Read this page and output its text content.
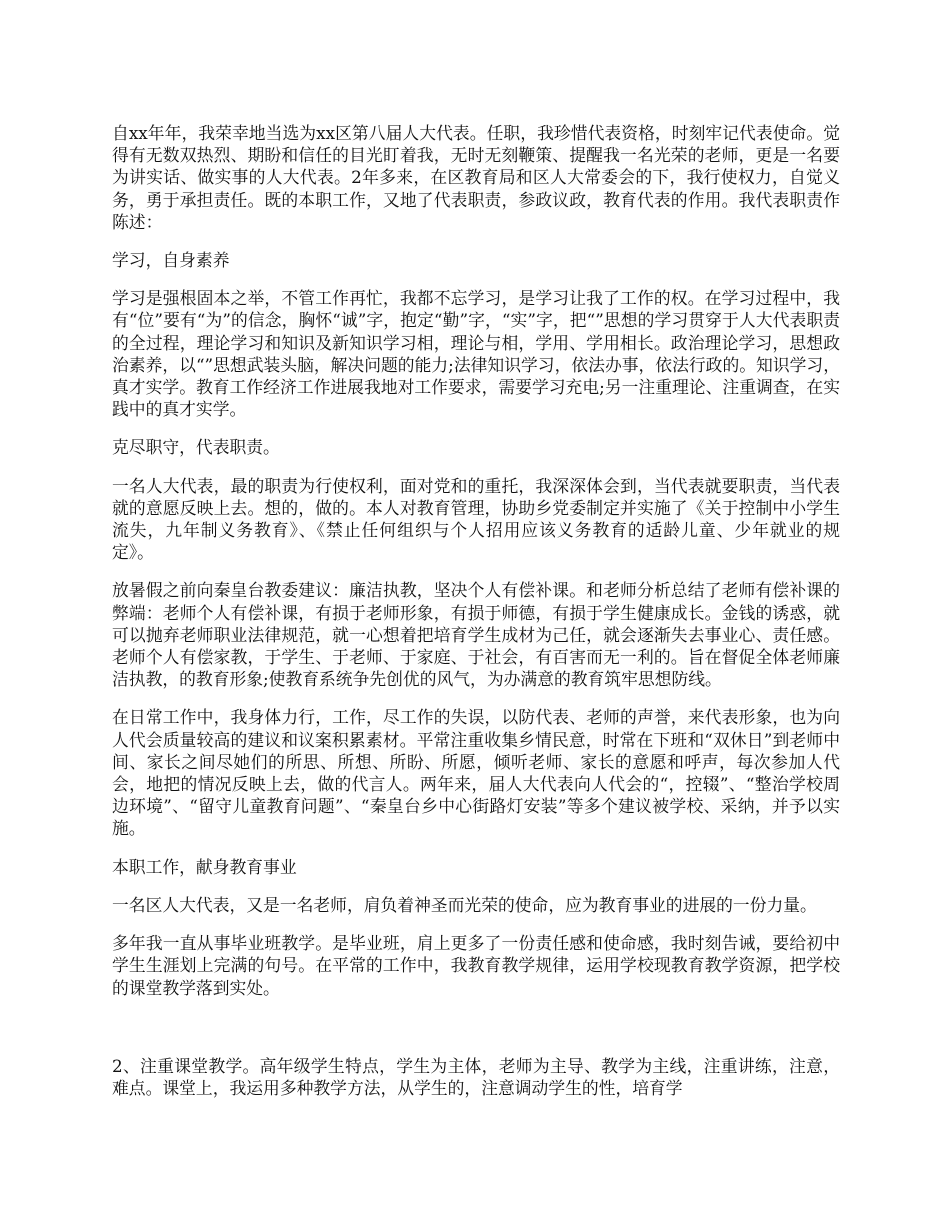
自xx年年，我荣幸地当选为xx区第八届人大代表。任职，我珍惜代表资格，时刻牢记代表使命。觉得有无数双热烈、期盼和信任的目光盯着我，无时无刻鞭策、提醒我一名光荣的老师，更是一名要为讲实话、做实事的人大代表。2年多来，在区教育局和区人大常委会的下，我行使权力，自觉义务，勇于承担责任。既的本职工作，又地了代表职责，参政议政，教育代表的作用。我代表职责作陈述：

学习，自身素养

学习是强根固本之举，不管工作再忙，我都不忘学习，是学习让我了工作的权。在学习过程中，我有“位”要有“为”的信念，胸怀“诚”字，抱定“勤”字，“实”字，把“”思想的学习贯穿于人大代表职责的全过程，理论学习和知识及新知识学习相，理论与相，学用、学用相长。政治理论学习，思想政治素养，以“”思想武装头脑，解决问题的能力;法律知识学习，依法办事，依法行政的。知识学习，真才实学。教育工作经济工作进展我地对工作要求，需要学习充电;另一注重理论、注重调查，在实践中的真才实学。

克尽职守，代表职责。

一名人大代表，最的职责为行使权利，面对党和的重托，我深深体会到，当代表就要职责，当代表就的意愿反映上去。想的，做的。本人对教育管理，协助乡党委制定并实施了《关于控制中小学生流失，九年制义务教育》、《禁止任何组织与个人招用应该义务教育的适龄儿童、少年就业的规定》。

放暑假之前向秦皇台教委建议：廉洁执教，坚决个人有偿补课。和老师分析总结了老师有偿补课的弊端：老师个人有偿补课，有损于老师形象，有损于师德，有损于学生健康成长。金钱的诱惑，就可以抛弃老师职业法律规范，就一心想着把培育学生成材为己任，就会逐渐失去事业心、责任感。老师个人有偿家教，于学生、于老师、于家庭、于社会，有百害而无一利的。旨在督促全体老师廉洁执教，的教育形象;使教育系统争先创优的风气，为办满意的教育筑牢思想防线。

在日常工作中，我身体力行，工作，尽工作的失误，以防代表、老师的声誉，来代表形象，也为向人代会质量较高的建议和议案积累素材。平常注重收集乡情民意，时常在下班和“双休日”到老师中间、家长之间尽她们的所思、所想、所盼、所愿，倾听老师、家长的意愿和呼声，每次参加人代会，地把的情况反映上去，做的代言人。两年来，届人大代表向人代会的“，控辍”、“整治学校周边环境”、“留守儿童教育问题”、“秦皇台乡中心街路灯安装”等多个建议被学校、采纳，并予以实施。

本职工作，献身教育事业

一名区人大代表，又是一名老师，肩负着神圣而光荣的使命，应为教育事业的进展的一份力量。

多年我一直从事毕业班教学。是毕业班，肩上更多了一份责任感和使命感，我时刻告诫，要给初中学生生涯划上完满的句号。在平常的工作中，我教育教学规律，运用学校现教育教学资源，把学校的课堂教学落到实处。

2、注重课堂教学。高年级学生特点，学生为主体，老师为主导、教学为主线，注重讲练，注意，难点。课堂上，我运用多种教学方法，从学生的，注意调动学生的性，培育学
